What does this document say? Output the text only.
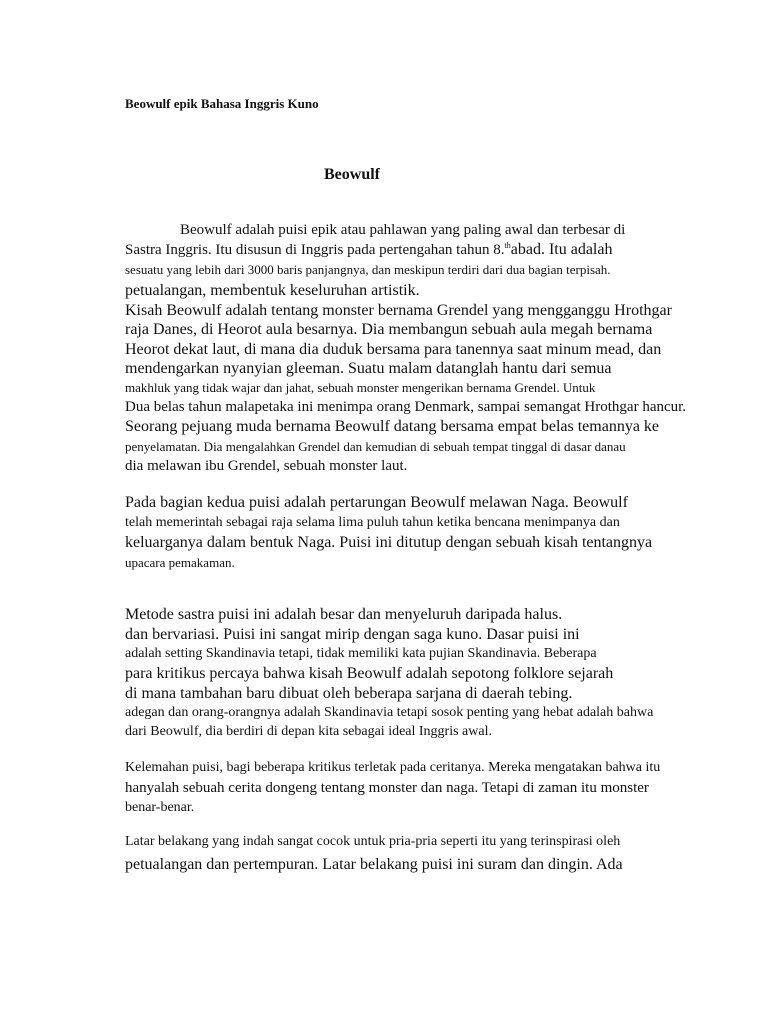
Beowulf epik Bahasa Inggris Kuno
Beowulf
Beowulf adalah puisi epik atau pahlawan yang paling awal dan terbesar di
Sastra Inggris. Itu disusun di Inggris pada pertengahan tahun 8.$^{th}$abad. Itu adalah
sesuatu yang lebih dari 3000 baris panjangnya, dan meskipun terdiri dari dua bagian terpisah.
petualangan, membentuk keseluruhan artistik.
Kisah Beowulf adalah tentang monster bernama Grendel yang mengganggu Hrothgar
raja Danes, di Heorot aula besarnya. Dia membangun sebuah aula megah bernama
Heorot dekat laut, di mana dia duduk bersama para tanennya saat minum mead, dan
mendengarkan nyanyian gleeman. Suatu malam datanglah hantu dari semua
makhluk yang tidak wajar dan jahat, sebuah monster mengerikan bernama Grendel. Untuk
Dua belas tahun malapetaka ini menimpa orang Denmark, sampai semangat Hrothgar hancur.
Seorang pejuang muda bernama Beowulf datang bersama empat belas temannya ke
penyelamatan. Dia mengalahkan Grendel dan kemudian di sebuah tempat tinggal di dasar danau
dia melawan ibu Grendel, sebuah monster laut.
Pada bagian kedua puisi adalah pertarungan Beowulf melawan Naga. Beowulf
telah memerintah sebagai raja selama lima puluh tahun ketika bencana menimpanya dan
keluarganya dalam bentuk Naga. Puisi ini ditutup dengan sebuah kisah tentangnya
upacara pemakaman.
Metode sastra puisi ini adalah besar dan menyeluruh daripada halus.
dan bervariasi. Puisi ini sangat mirip dengan saga kuno. Dasar puisi ini
adalah setting Skandinavia tetapi, tidak memiliki kata pujian Skandinavia. Beberapa
para kritikus percaya bahwa kisah Beowulf adalah sepotong folklore sejarah
di mana tambahan baru dibuat oleh beberapa sarjana di daerah tebing.
adegan dan orang-orangnya adalah Skandinavia tetapi sosok penting yang hebat adalah bahwa
dari Beowulf, dia berdiri di depan kita sebagai ideal Inggris awal.
Kelemahan puisi, bagi beberapa kritikus terletak pada ceritanya. Mereka mengatakan bahwa itu
hanyalah sebuah cerita dongeng tentang monster dan naga. Tetapi di zaman itu monster
benar-benar.
Latar belakang yang indah sangat cocok untuk pria-pria seperti itu yang terinspirasi oleh
petualangan dan pertempuran. Latar belakang puisi ini suram dan dingin. Ada
